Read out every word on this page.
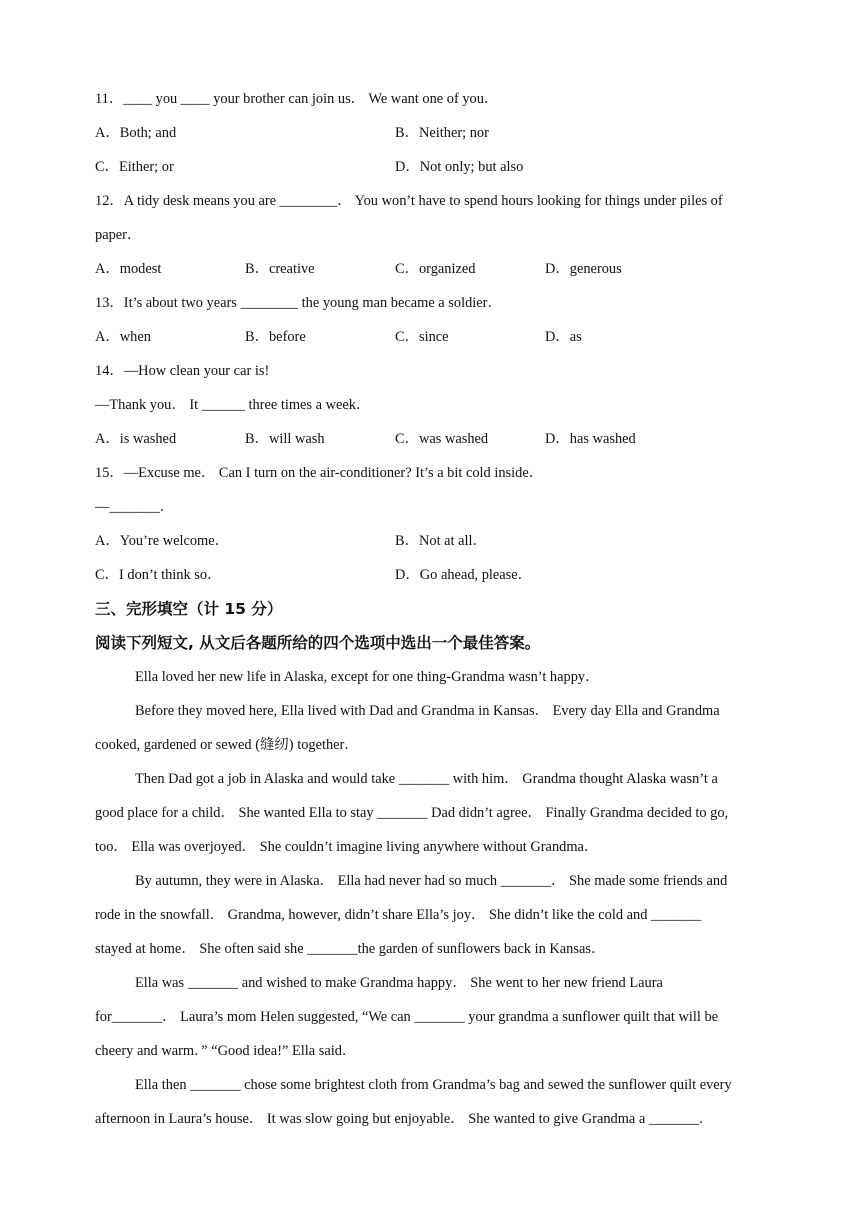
11．____ you ____ your brother can join us． We want one of you．
A．Both; and	B．Neither; nor
C．Either; or	D．Not only; but also
12．A tidy desk means you are ________． You won’t have to spend hours looking for things under piles of
paper．
A．modest	B．creative	C．organized	D．generous
13．It’s about two years ________ the young man became a soldier．
A．when	B．before	C．since	D．as
14．—How clean your car is!
—Thank you． It ______ three times a week．
A．is washed	B．will wash	C．was washed	D．has washed
15．—Excuse me． Can I turn on the air-conditioner? It’s a bit cold inside．
—_______．
A．You’re welcome．	B．Not at all．
C．I don’t think so．	D．Go ahead, please．
三、完形填空（计 15 分）
阅读下列短文, 从文后各题所给的四个选项中选出一个最佳答案。
Ella loved her new life in Alaska, except for one thing-Grandma wasn’t happy．
Before they moved here, Ella lived with Dad and Grandma in Kansas． Every day Ella and Grandma
cooked, gardened or sewed (缝纫) together．
Then Dad got a job in Alaska and would take _______ with him． Grandma thought Alaska wasn’t a
good place for a child． She wanted Ella to stay _______ Dad didn’t agree． Finally Grandma decided to go,
too． Ella was overjoyed． She couldn’t imagine living anywhere without Grandma．
By autumn, they were in Alaska． Ella had never had so much _______． She made some friends and
rode in the snowfall． Grandma, however, didn’t share Ella’s joy． She didn’t like the cold and _______
stayed at home． She often said she _______the garden of sunflowers back in Kansas．
Ella was _______ and wished to make Grandma happy． She went to her new friend Laura
for_______． Laura’s mom Helen suggested, “We can _______ your grandma a sunflower quilt that will be
cheery and warm．” “Good idea!” Ella said．
Ella then _______ chose some brightest cloth from Grandma’s bag and sewed the sunflower quilt every
afternoon in Laura’s house． It was slow going but enjoyable． She wanted to give Grandma a _______.
